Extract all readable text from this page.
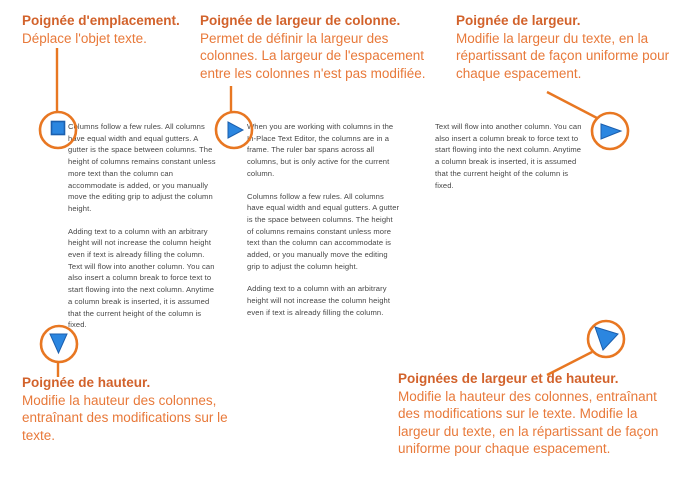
Poignée d'emplacement.
Déplace l'objet texte.
Poignée de largeur de colonne.
Permet de définir la largeur des colonnes. La largeur de l'espacement entre les colonnes n'est pas modifiée.
Poignée de largeur.
Modifie la largeur du texte, en la répartissant de façon uniforme pour chaque espacement.
Poignée de hauteur.
Modifie la hauteur des colonnes, entraînant des modifications sur le texte.
Poignées de largeur et de hauteur.
Modifie la hauteur des colonnes, entraînant des modifications sur le texte. Modifie la largeur du texte, en la répartissant de façon uniforme pour chaque espacement.

Columns follow a few rules. All columns have equal width and equal gutters. A gutter is the space between columns. The height of columns remains constant unless more text than the column can accommodate is added, or you manually move the editing grip to adjust the column height.

Adding text to a column with an arbitrary height will not increase the column height even if text is already filling the column. Text will flow into another column. You can also insert a column break to force text to start flowing into the next column. Anytime a column break is inserted, it is assumed that the current height of the column is fixed.

When you are working with columns in the In-Place Text Editor, the columns are in a frame. The ruler bar spans across all columns, but is only active for the current column.

Columns follow a few rules. All columns have equal width and equal gutters. A gutter is the space between columns. The height of columns remains constant unless more text than the column can accommodate is added, or you manually move the editing grip to adjust the column height.

Adding text to a column with an arbitrary height will not increase the column height even if text is already filling the column.

Text will flow into another column. You can also insert a column break to force text to start flowing into the next column. Anytime a column break is inserted, it is assumed that the current height of the column is fixed.
